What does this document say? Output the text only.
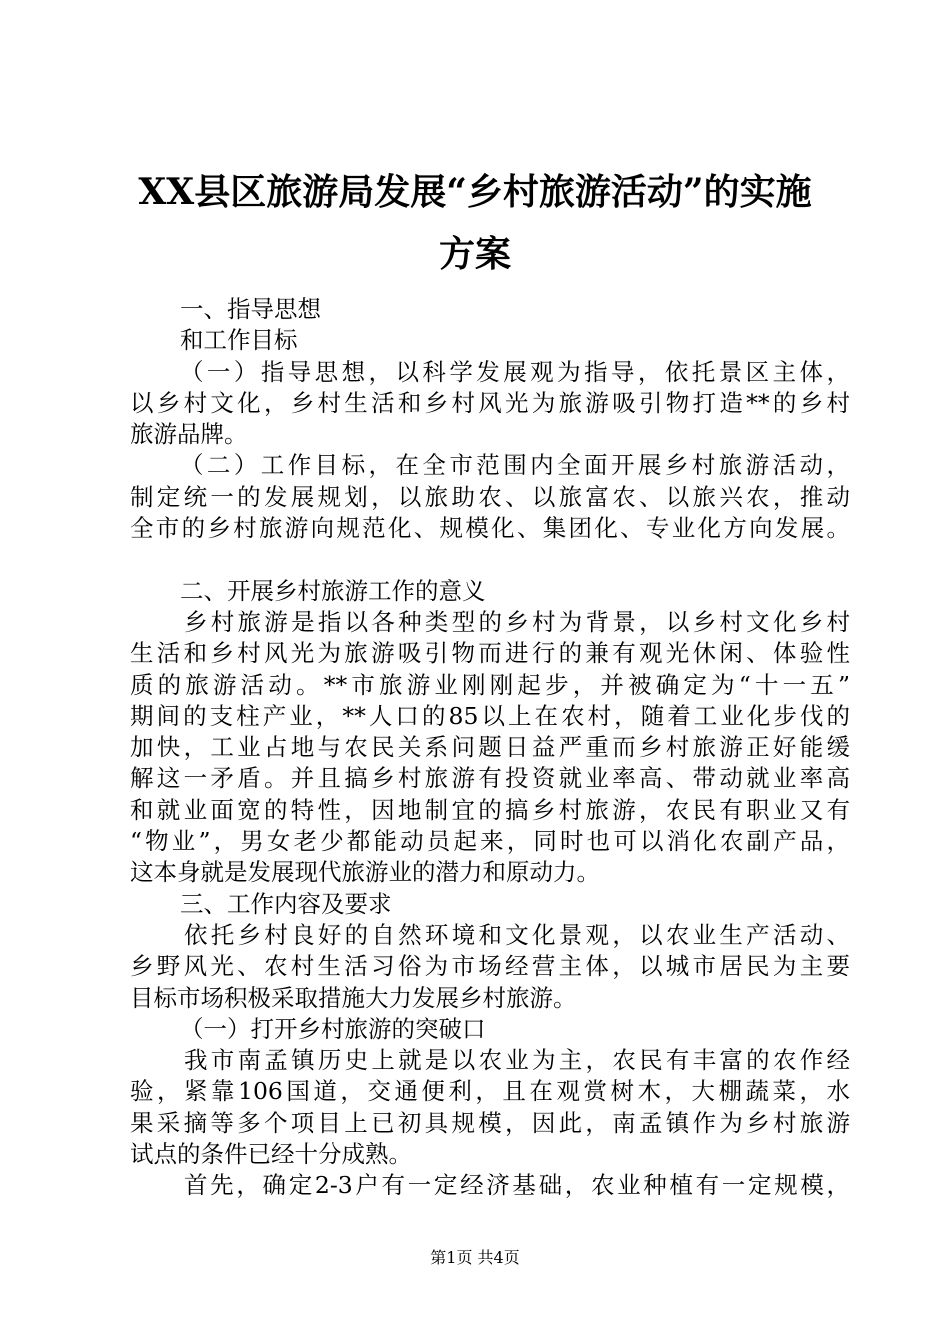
XX县区旅游局发展“乡村旅游活动”的实施
方案
一、指导思想
和工作目标
（一）指导思想，以科学发展观为指导，依托景区主体，
以乡村文化，乡村生活和乡村风光为旅游吸引物打造**的乡村
旅游品牌。
（二）工作目标，在全市范围内全面开展乡村旅游活动，
制定统一的发展规划，以旅助农、以旅富农、以旅兴农，推动
全市的乡村旅游向规范化、规模化、集团化、专业化方向发展。
二、开展乡村旅游工作的意义
乡村旅游是指以各种类型的乡村为背景，以乡村文化乡村
生活和乡村风光为旅游吸引物而进行的兼有观光休闲、体验性
质的旅游活动。**市旅游业刚刚起步，并被确定为“十一五”
期间的支柱产业，**人口的85以上在农村，随着工业化步伐的
加快，工业占地与农民关系问题日益严重而乡村旅游正好能缓
解这一矛盾。并且搞乡村旅游有投资就业率高、带动就业率高
和就业面宽的特性，因地制宜的搞乡村旅游，农民有职业又有
“物业”，男女老少都能动员起来，同时也可以消化农副产品，
这本身就是发展现代旅游业的潜力和原动力。
三、工作内容及要求
依托乡村良好的自然环境和文化景观，以农业生产活动、
乡野风光、农村生活习俗为市场经营主体，以城市居民为主要
目标市场积极采取措施大力发展乡村旅游。
（一）打开乡村旅游的突破口
我市南孟镇历史上就是以农业为主，农民有丰富的农作经
验，紧靠106国道，交通便利，且在观赏树木，大棚蔬菜，水
果采摘等多个项目上已初具规模，因此，南孟镇作为乡村旅游
试点的条件已经十分成熟。
首先，确定2-3户有一定经济基础，农业种植有一定规模，
第1页 共4页
